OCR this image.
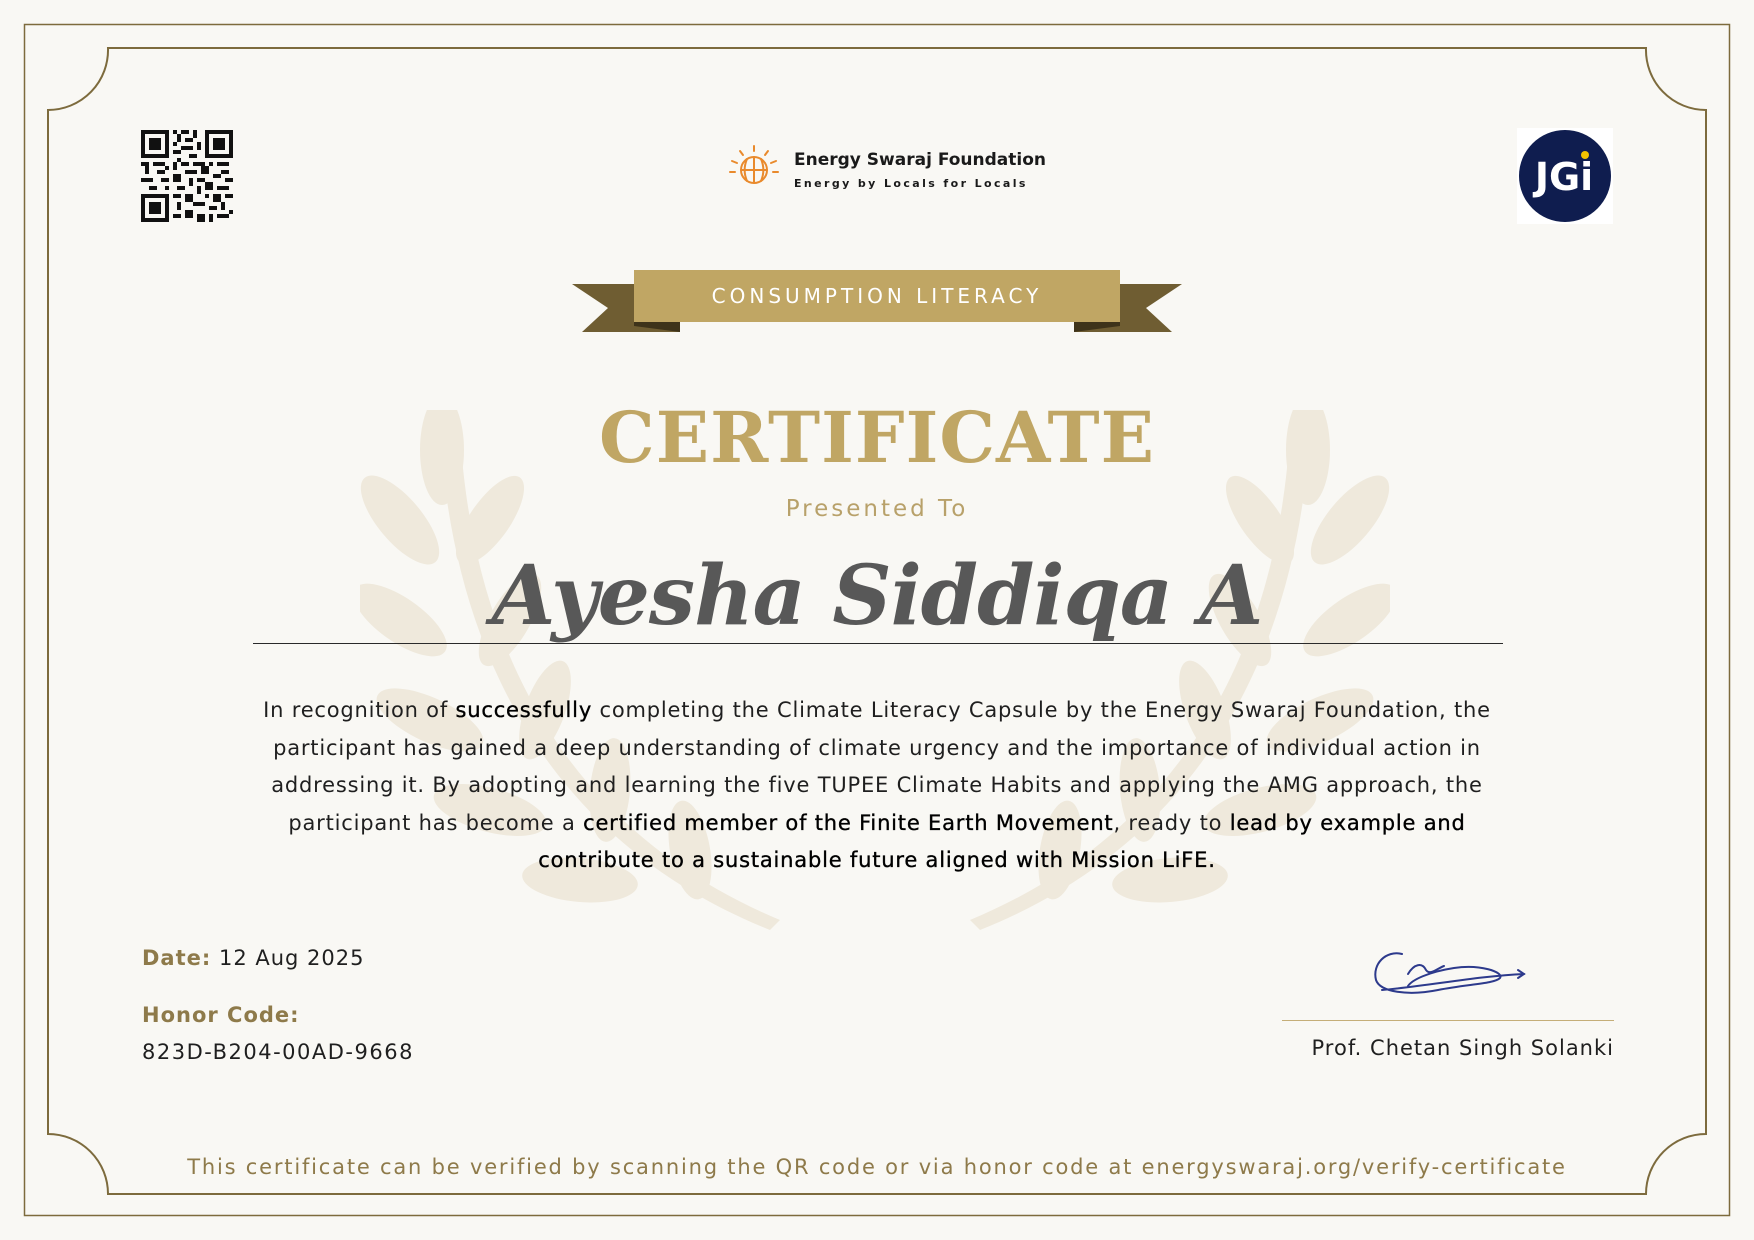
Energy Swaraj Foundation
Energy by Locals for Locals	JGi
CONSUMPTION LITERACY
CERTIFICATE
Presented To
Ayesha Siddiqa A
In recognition of successfully completing the Climate Literacy Capsule by the Energy Swaraj Foundation, the participant has gained a deep understanding of climate urgency and the importance of individual action in addressing it. By adopting and learning the five TUPEE Climate Habits and applying the AMG approach, the participant has become a certified member of the Finite Earth Movement, ready to lead by example and contribute to a sustainable future aligned with Mission LiFE.
Date: 12 Aug 2025
Honor Code:
823D-B204-00AD-9668	Prof. Chetan Singh Solanki
This certificate can be verified by scanning the QR code or via honor code at energyswaraj.org/verify-certificate
